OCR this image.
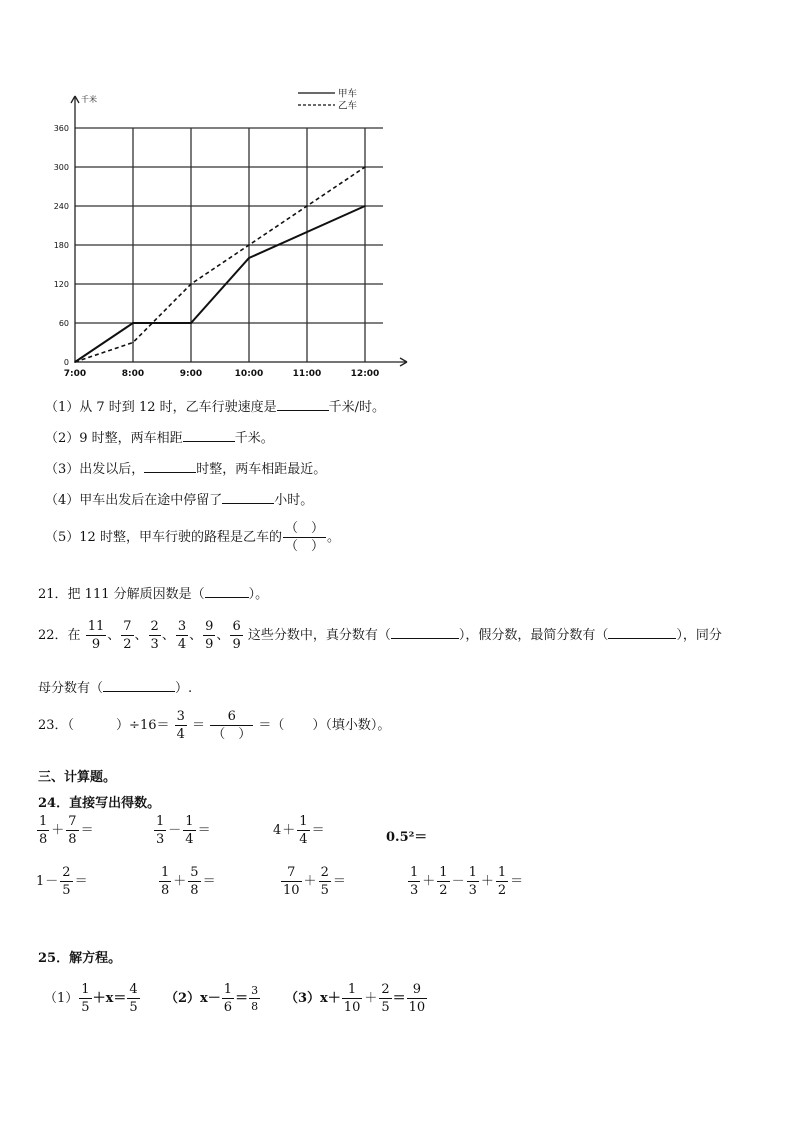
0
60
120
180
240
300
360
7:00	8:00	9:00	10:00	11:00	12:00
千米	甲车
乙车
（1）从 7 时到 12 时，乙车行驶速度是	千米/时。
（2）9 时整，两车相距	千米。
（3）出发以后，	时整，两车相距最近。
（4）甲车出发后在途中停留了	小时。
（5）12 时整，甲车行驶的路程是乙车的 $\frac{( )}{( )}$ 。
21．把 111 分解质因数是（	）。
22．在 $\frac{11}{9}$ 、 $\frac{7}{2}$ 、 $\frac{2}{3}$ 、 $\frac{3}{4}$ 、 $\frac{9}{9}$ 、 $\frac{6}{9}$ 这些分数中，真分数有（	），假分数，最简分数有（	），同分
母分数有（	）.
23．（	）$\div 16= \frac{3}{4} = \frac{6}{( )}$ ＝（ ）（填小数）。
三、计算题。
24．直接写出得数。
$\frac{1}{8} + \frac{7}{8}$ ＝	$\frac{1}{3} - \frac{1}{4}$ ＝	$4+ \frac{1}{4}$ ＝	0.5²＝
$1- \frac{2}{5}$ ＝	$\frac{1}{8} + \frac{5}{8}$ ＝	$\frac{7}{10} + \frac{2}{5}$ ＝	$\frac{1}{3} + \frac{1}{2} - \frac{1}{3} + \frac{1}{2}$ ＝
25．解方程。
$(1) \frac{1}{5} +x= \frac{4}{5} (2)x- \frac{1}{6} = \frac{3}{8} (3)x+ \frac{1}{10} + \frac{2}{5} = \frac{9}{10}$
